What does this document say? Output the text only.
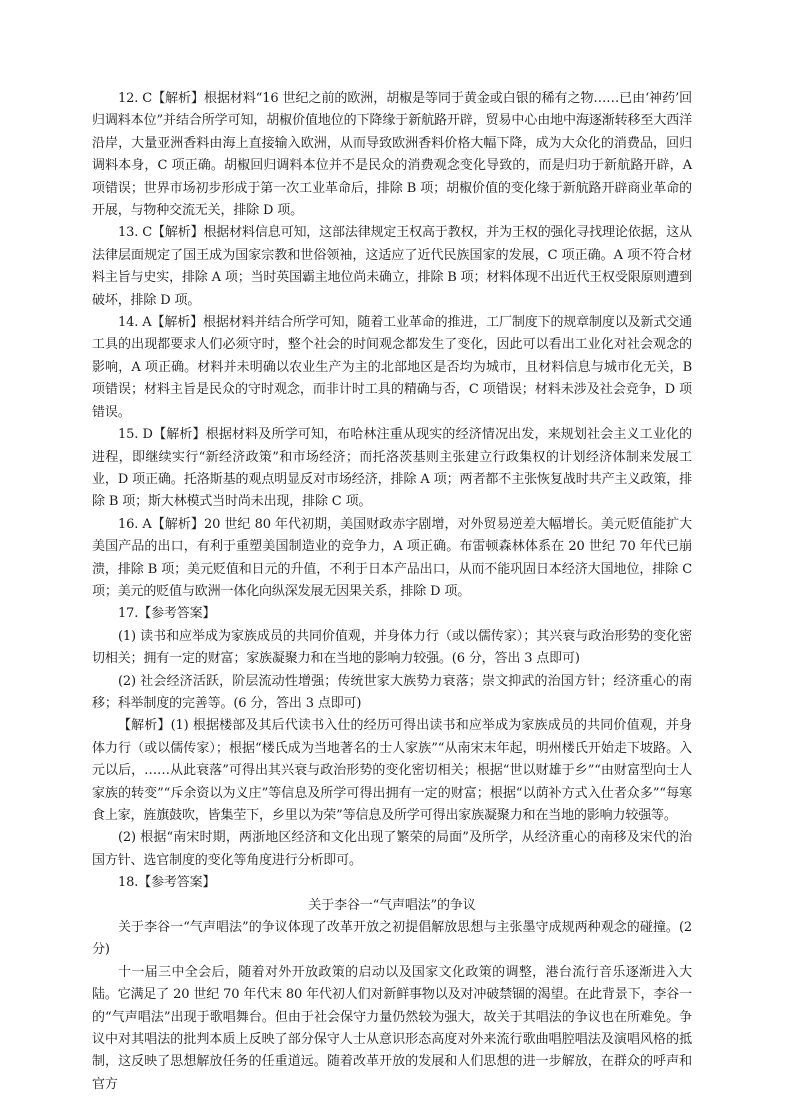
12. C【解析】根据材料“16 世纪之前的欧洲，胡椒是等同于黄金或白银的稀有之物……已由‘神药’回归调料本位”并结合所学可知，胡椒价值地位的下降缘于新航路开辟，贸易中心由地中海逐渐转移至大西洋沿岸，大量亚洲香料由海上直接输入欧洲，从而导致欧洲香料价格大幅下降，成为大众化的消费品，回归调料本身，C 项正确。胡椒回归调料本位并不是民众的消费观念变化导致的，而是归功于新航路开辟，A 项错误；世界市场初步形成于第一次工业革命后，排除 B 项；胡椒价值的变化缘于新航路开辟商业革命的开展，与物种交流无关，排除 D 项。

13. C【解析】根据材料信息可知，这部法律规定王权高于教权，并为王权的强化寻找理论依据，这从法律层面规定了国王成为国家宗教和世俗领袖，这适应了近代民族国家的发展，C 项正确。A 项不符合材料主旨与史实，排除 A 项；当时英国霸主地位尚未确立，排除 B 项；材料体现不出近代王权受限原则遭到破坏，排除 D 项。

14. A【解析】根据材料并结合所学可知，随着工业革命的推进，工厂制度下的规章制度以及新式交通工具的出现都要求人们必须守时，整个社会的时间观念都发生了变化，因此可以看出工业化对社会观念的影响，A 项正确。材料并未明确以农业生产为主的北部地区是否均为城市，且材料信息与城市化无关，B 项错误；材料主旨是民众的守时观念，而非计时工具的精确与否，C 项错误；材料未涉及社会竞争，D 项错误。

15. D【解析】根据材料及所学可知，布哈林注重从现实的经济情况出发，来规划社会主义工业化的进程，即继续实行“新经济政策”和市场经济；而托洛茨基则主张建立行政集权的计划经济体制来发展工业，D 项正确。托洛斯基的观点明显反对市场经济，排除 A 项；两者都不主张恢复战时共产主义政策，排除 B 项；斯大林模式当时尚未出现，排除 C 项。

16. A【解析】20 世纪 80 年代初期，美国财政赤字剧增，对外贸易逆差大幅增长。美元贬值能扩大美国产品的出口，有利于重塑美国制造业的竞争力，A 项正确。布雷顿森林体系在 20 世纪 70 年代已崩溃，排除 B 项；美元贬值和日元的升值，不利于日本产品出口，从而不能巩固日本经济大国地位，排除 C 项；美元的贬值与欧洲一体化向纵深发展无因果关系，排除 D 项。

17.【参考答案】

(1) 读书和应举成为家族成员的共同价值观，并身体力行（或以儒传家）；其兴衰与政治形势的变化密切相关；拥有一定的财富；家族凝聚力和在当地的影响力较强。(6 分，答出 3 点即可)

(2) 社会经济活跃，阶层流动性增强；传统世家大族势力衰落；崇文抑武的治国方针；经济重心的南移；科举制度的完善等。(6 分，答出 3 点即可)

【解析】(1) 根据楼部及其后代读书入仕的经历可得出读书和应举成为家族成员的共同价值观，并身体力行（或以儒传家）；根据“楼氏成为当地著名的士人家族”“从南宋末年起，明州楼氏开始走下坡路。入元以后，……从此衰落”可得出其兴衰与政治形势的变化密切相关；根据“世以财雄于乡”“由财富型向士人家族的转变”“斥余资以为义庄”等信息及所学可得出拥有一定的财富；根据“以荫补方式入仕者众多”“每寒食上家，旌旗鼓吹，皆集茔下，乡里以为荣”等信息及所学可得出家族凝聚力和在当地的影响力较强等。

(2) 根据“南宋时期，两浙地区经济和文化出现了繁荣的局面”及所学，从经济重心的南移及宋代的治国方针、选官制度的变化等角度进行分析即可。

18.【参考答案】

关于李谷一“气声唱法”的争议

关于李谷一“气声唱法”的争议体现了改革开放之初提倡解放思想与主张墨守成规两种观念的碰撞。(2 分)

十一届三中全会后，随着对外开放政策的启动以及国家文化政策的调整，港台流行音乐逐渐进入大陆。它满足了 20 世纪 70 年代末 80 年代初人们对新鲜事物以及对冲破禁锢的渴望。在此背景下，李谷一的“气声唱法”出现于歌唱舞台。但由于社会保守力量仍然较为强大，故关于其唱法的争议也在所难免。争议中对其唱法的批判本质上反映了部分保守人士从意识形态高度对外来流行歌曲唱腔唱法及演唱风格的抵制，这反映了思想解放任务的任重道远。随着改革开放的发展和人们思想的进一步解放，在群众的呼声和官方
